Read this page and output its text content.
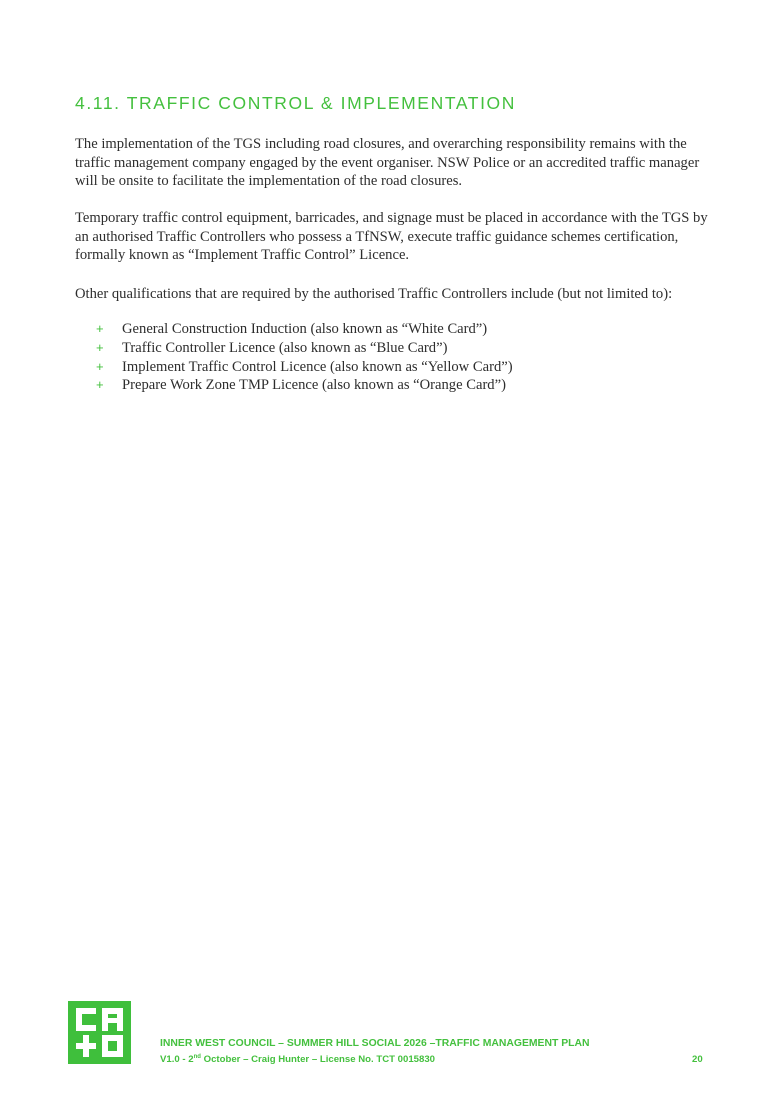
4.11. TRAFFIC CONTROL & IMPLEMENTATION

The implementation of the TGS including road closures, and overarching responsibility remains with the traffic management company engaged by the event organiser. NSW Police or an accredited traffic manager will be onsite to facilitate the implementation of the road closures.

Temporary traffic control equipment, barricades, and signage must be placed in accordance with the TGS by an authorised Traffic Controllers who possess a TfNSW, execute traffic guidance schemes certification, formally known as “Implement Traffic Control” Licence.

Other qualifications that are required by the authorised Traffic Controllers include (but not limited to):

+ General Construction Induction (also known as “White Card”)
+ Traffic Controller Licence (also known as “Blue Card”)
+ Implement Traffic Control Licence (also known as “Yellow Card”)
+ Prepare Work Zone TMP Licence (also known as “Orange Card”)
INNER WEST COUNCIL – SUMMER HILL SOCIAL 2026 –TRAFFIC MANAGEMENT PLAN
V1.0 - 2nd October – Craig Hunter – License No. TCT 0015830	20
